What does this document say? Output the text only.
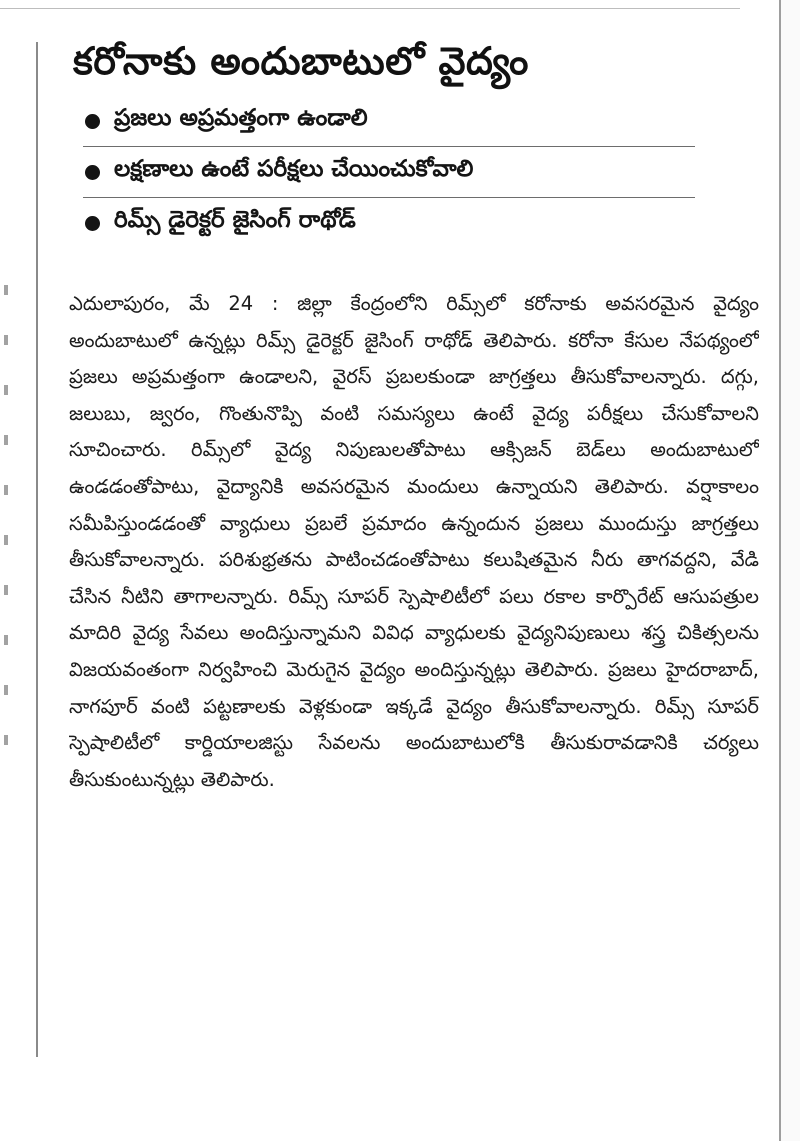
కరోనాకు అందుబాటులో వైద్యం
ప్రజలు అప్రమత్తంగా ఉండాలి
లక్షణాలు ఉంటే పరీక్షలు చేయించుకోవాలి
రిమ్స్ డైరెక్టర్ జైసింగ్ రాథోడ్

ఎదులాపురం, మే 24 : జిల్లా కేంద్రంలోని రిమ్స్‌లో కరోనాకు అవసరమైన వైద్యం అందుబాటులో ఉన్నట్లు రిమ్స్ డైరెక్టర్ జైసింగ్ రాథోడ్ తెలిపారు. కరోనా కేసుల నేపథ్యంలో ప్రజలు అప్రమత్తంగా ఉండాలని, వైరస్ ప్రబలకుండా జాగ్రత్తలు తీసుకోవాలన్నారు. దగ్గు, జలుబు, జ్వరం, గొంతునొప్పి వంటి సమస్యలు ఉంటే వైద్య పరీక్షలు చేసుకోవాలని సూచించారు. రిమ్స్‌లో వైద్య నిపుణులతోపాటు ఆక్సిజన్ బెడ్‌లు అందుబాటులో ఉండడంతోపాటు, వైద్యానికి అవసరమైన మందులు ఉన్నాయని తెలిపారు. వర్షాకాలం సమీపిస్తుండడంతో వ్యాధులు ప్రబలే ప్రమాదం ఉన్నందున ప్రజలు ముందుస్తు జాగ్రత్తలు తీసుకోవాలన్నారు. పరిశుభ్రతను పాటించడంతోపాటు కలుషితమైన నీరు తాగవద్దని, వేడి చేసిన నీటిని తాగాలన్నారు. రిమ్స్ సూపర్ స్పెషాలిటీలో పలు రకాల కార్పొరేట్ ఆసుపత్రుల మాదిరి వైద్య సేవలు అందిస్తున్నామని వివిధ వ్యాధులకు వైద్యనిపుణులు శస్త్ర చికిత్సలను విజయవంతంగా నిర్వహించి మెరుగైన వైద్యం అందిస్తున్నట్లు తెలిపారు. ప్రజలు హైదరాబాద్, నాగపూర్ వంటి పట్టణాలకు వెళ్లకుండా ఇక్కడే వైద్యం తీసుకోవాలన్నారు. రిమ్స్ సూపర్ స్పెషాలిటీలో కార్డియాలజిస్టు సేవలను అందుబాటులోకి తీసుకురావడానికి చర్యలు తీసుకుంటున్నట్లు తెలిపారు.
